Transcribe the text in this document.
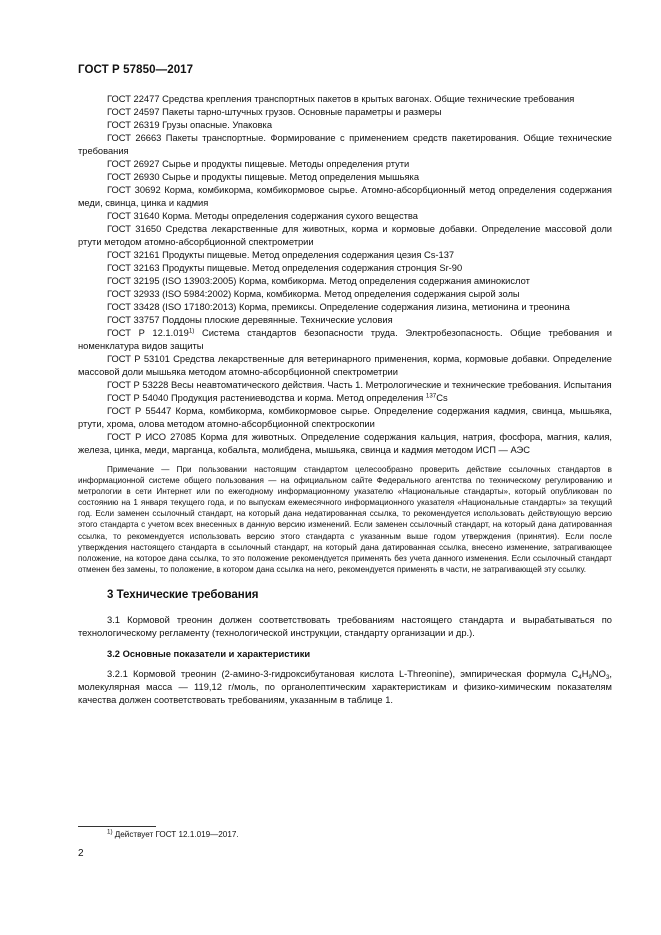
ГОСТ Р 57850—2017

ГОСТ 22477 Средства крепления транспортных пакетов в крытых вагонах. Общие технические требования

ГОСТ 24597 Пакеты тарно-штучных грузов. Основные параметры и размеры

ГОСТ 26319 Грузы опасные. Упаковка

ГОСТ 26663 Пакеты транспортные. Формирование с применением средств пакетирования. Общие технические требования

ГОСТ 26927 Сырье и продукты пищевые. Методы определения ртути

ГОСТ 26930 Сырье и продукты пищевые. Метод определения мышьяка

ГОСТ 30692 Корма, комбикорма, комбикормовое сырье. Атомно-абсорбционный метод определения содержания меди, свинца, цинка и кадмия

ГОСТ 31640 Корма. Методы определения содержания сухого вещества

ГОСТ 31650 Средства лекарственные для животных, корма и кормовые добавки. Определение массовой доли ртути методом атомно-абсорбционной спектрометрии

ГОСТ 32161 Продукты пищевые. Метод определения содержания цезия Cs-137

ГОСТ 32163 Продукты пищевые. Метод определения содержания стронция Sr-90

ГОСТ 32195 (ISO 13903:2005) Корма, комбикорма. Метод определения содержания аминокислот

ГОСТ 32933 (ISO 5984:2002) Корма, комбикорма. Метод определения содержания сырой золы

ГОСТ 33428 (ISO 17180:2013) Корма, премиксы. Определение содержания лизина, метионина и треонина

ГОСТ 33757 Поддоны плоские деревянные. Технические условия

ГОСТ Р 12.1.019$^{1)}$ Система стандартов безопасности труда. Электробезопасность. Общие требования и номенклатура видов защиты

ГОСТ Р 53101 Средства лекарственные для ветеринарного применения, корма, кормовые добавки. Определение массовой доли мышьяка методом атомно-абсорбционной спектрометрии

ГОСТ Р 53228 Весы неавтоматического действия. Часть 1. Метрологические и технические требования. Испытания

ГОСТ Р 54040 Продукция растениеводства и корма. Метод определения $^{137}$Cs

ГОСТ Р 55447 Корма, комбикорма, комбикормовое сырье. Определение содержания кадмия, свинца, мышьяка, ртути, хрома, олова методом атомно-абсорбционной спектроскопии

ГОСТ Р ИСО 27085 Корма для животных. Определение содержания кальция, натрия, фосфора, магния, калия, железа, цинка, меди, марганца, кобальта, молибдена, мышьяка, свинца и кадмия методом ИСП — АЭС

Примечание — При пользовании настоящим стандартом целесообразно проверить действие ссылочных стандартов в информационной системе общего пользования — на официальном сайте Федерального агентства по техническому регулированию и метрологии в сети Интернет или по ежегодному информационному указателю «Национальные стандарты», который опубликован по состоянию на 1 января текущего года, и по выпускам ежемесячного информационного указателя «Национальные стандарты» за текущий год. Если заменен ссылочный стандарт, на который дана недатированная ссылка, то рекомендуется использовать действующую версию этого стандарта с учетом всех внесенных в данную версию изменений. Если заменен ссылочный стандарт, на который дана датированная ссылка, то рекомендуется использовать версию этого стандарта с указанным выше годом утверждения (принятия). Если после утверждения настоящего стандарта в ссылочный стандарт, на который дана датированная ссылка, внесено изменение, затрагивающее положение, на которое дана ссылка, то это положение рекомендуется применять без учета данного изменения. Если ссылочный стандарт отменен без замены, то положение, в котором дана ссылка на него, рекомендуется применять в части, не затрагивающей эту ссылку.

3 Технические требования

3.1 Кормовой треонин должен соответствовать требованиям настоящего стандарта и вырабатываться по технологическому регламенту (технологической инструкции, стандарту организации и др.).

3.2 Основные показатели и характеристики

3.2.1 Кормовой треонин (2-амино-3-гидроксибутановая кислота L-Threonine), эмпирическая формула $C_4H_9NO_3$, молекулярная масса — 119,12 г/моль, по органолептическим характеристикам и физико-химическим показателям качества должен соответствовать требованиям, указанным в таблице 1.

$^{1)}$ Действует ГОСТ 12.1.019—2017.
2
